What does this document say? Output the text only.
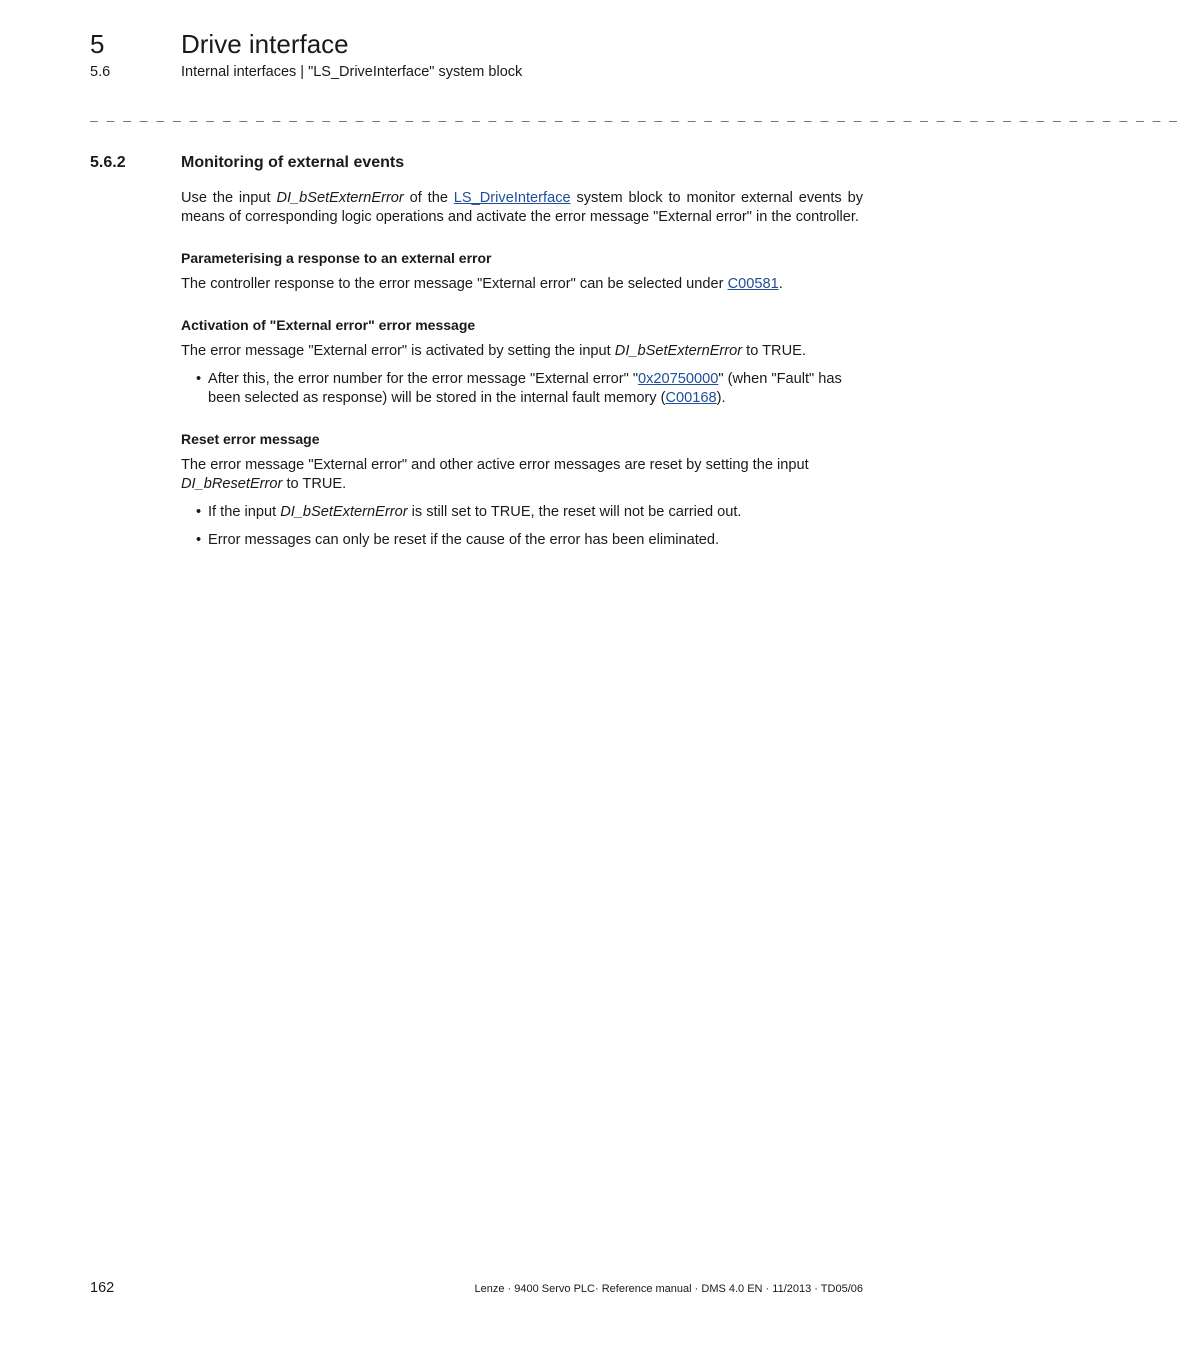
5	Drive interface
5.6	Internal interfaces | "LS_DriveInterface" system block
_ _ _ _ _ _ _ _ _ _ _ _ _ _ _ _ _ _ _ _ _ _ _ _ _ _ _ _ _ _ _ _ _ _ _ _ _ _ _ _ _ _ _ _ _ _ _ _ _ _ _ _ _ _ _ _ _ _ _ _ _ _ _ _ _ _
5.6.2	Monitoring of external events

Use the input DI_bSetExternError of the LS_DriveInterface system block to monitor external events by means of corresponding logic operations and activate the error message "External error" in the controller.

Parameterising a response to an external error

The controller response to the error message "External error" can be selected under C00581.

Activation of "External error" error message

The error message "External error" is activated by setting the input DI_bSetExternError to TRUE.

• After this, the error number for the error message "External error" "0x20750000" (when "Fault" has been selected as response) will be stored in the internal fault memory (C00168).
Reset error message

The error message "External error" and other active error messages are reset by setting the input DI_bResetError to TRUE.

• If the input DI_bSetExternError is still set to TRUE, the reset will not be carried out.
• Error messages can only be reset if the cause of the error has been eliminated.
162	Lenze · 9400 Servo PLC· Reference manual · DMS 4.0 EN · 11/2013 · TD05/06
